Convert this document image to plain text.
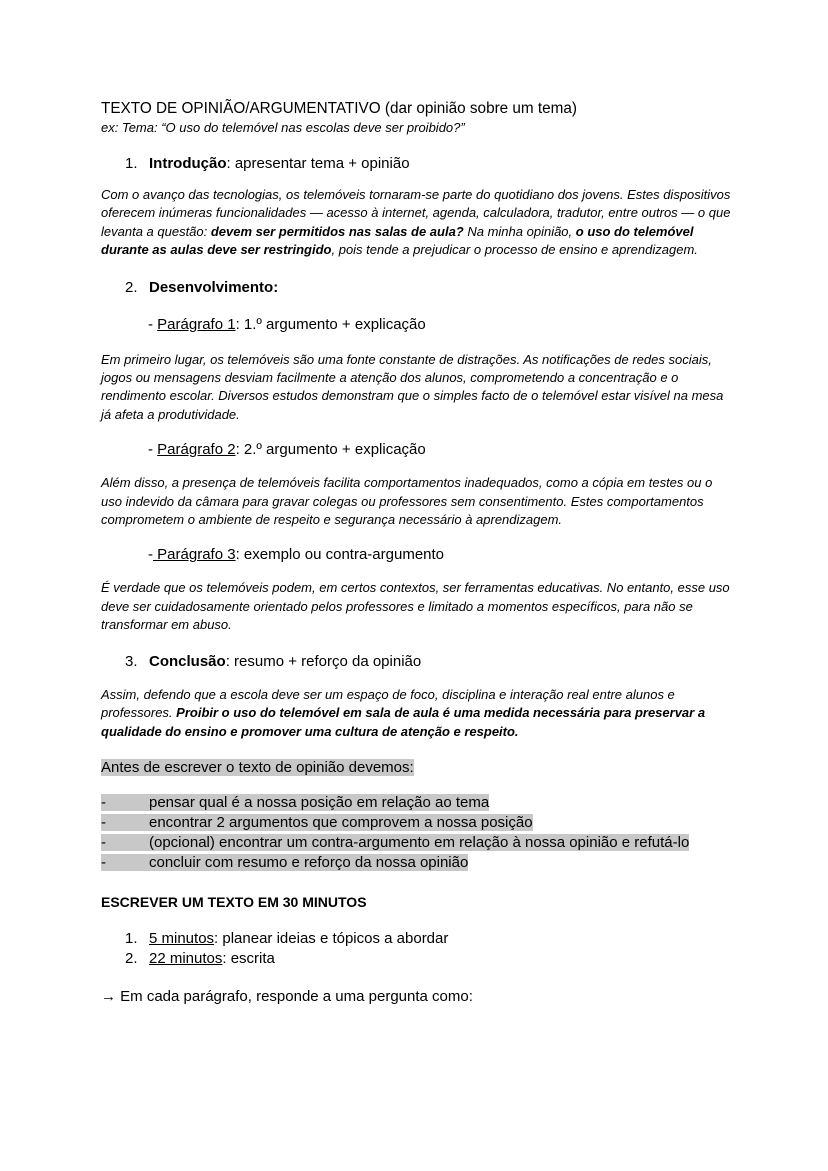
TEXTO DE OPINIÃO/ARGUMENTATIVO (dar opinião sobre um tema)

ex: Tema: “O uso do telemóvel nas escolas deve ser proibido?”

1. Introdução: apresentar tema + opinião

Com o avanço das tecnologias, os telemóveis tornaram-se parte do quotidiano dos jovens. Estes dispositivos oferecem inúmeras funcionalidades — acesso à internet, agenda, calculadora, tradutor, entre outros — o que levanta a questão: devem ser permitidos nas salas de aula? Na minha opinião, o uso do telemóvel durante as aulas deve ser restringido, pois tende a prejudicar o processo de ensino e aprendizagem.

2. Desenvolvimento:

- Parágrafo 1: 1.º argumento + explicação

Em primeiro lugar, os telemóveis são uma fonte constante de distrações. As notificações de redes sociais, jogos ou mensagens desviam facilmente a atenção dos alunos, comprometendo a concentração e o rendimento escolar. Diversos estudos demonstram que o simples facto de o telemóvel estar visível na mesa já afeta a produtividade.

- Parágrafo 2: 2.º argumento + explicação

Além disso, a presença de telemóveis facilita comportamentos inadequados, como a cópia em testes ou o uso indevido da câmara para gravar colegas ou professores sem consentimento. Estes comportamentos comprometem o ambiente de respeito e segurança necessário à aprendizagem.

- Parágrafo 3: exemplo ou contra-argumento

É verdade que os telemóveis podem, em certos contextos, ser ferramentas educativas. No entanto, esse uso deve ser cuidadosamente orientado pelos professores e limitado a momentos específicos, para não se transformar em abuso.

3. Conclusão: resumo + reforço da opinião

Assim, defendo que a escola deve ser um espaço de foco, disciplina e interação real entre alunos e professores. Proibir o uso do telemóvel em sala de aula é uma medida necessária para preservar a qualidade do ensino e promover uma cultura de atenção e respeito.

Antes de escrever o texto de opinião devemos:

-	pensar qual é a nossa posição em relação ao tema
-	encontrar 2 argumentos que comprovem a nossa posição
-	(opcional) encontrar um contra-argumento em relação à nossa opinião e refutá-lo
-	concluir com resumo e reforço da nossa opinião

ESCREVER UM TEXTO EM 30 MINUTOS

1. 5 minutos: planear ideias e tópicos a abordar
2. 22 minutos: escrita

→ Em cada parágrafo, responde a uma pergunta como:
